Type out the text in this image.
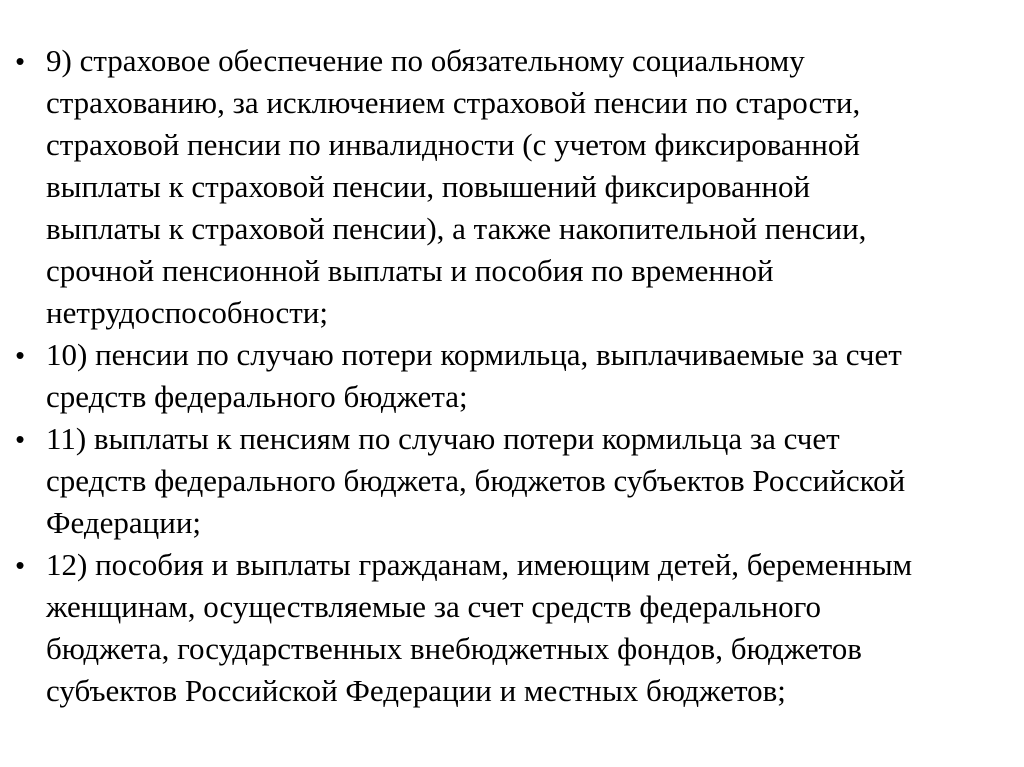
• 9) страховое обеспечение по обязательному социальному
страхованию, за исключением страховой пенсии по старости,
страховой пенсии по инвалидности (с учетом фиксированной
выплаты к страховой пенсии, повышений фиксированной
выплаты к страховой пенсии), а также накопительной пенсии,
срочной пенсионной выплаты и пособия по временной
нетрудоспособности;
• 10) пенсии по случаю потери кормильца, выплачиваемые за счет
средств федерального бюджета;
• 11) выплаты к пенсиям по случаю потери кормильца за счет
средств федерального бюджета, бюджетов субъектов Российской
Федерации;
• 12) пособия и выплаты гражданам, имеющим детей, беременным
женщинам, осуществляемые за счет средств федерального
бюджета, государственных внебюджетных фондов, бюджетов
субъектов Российской Федерации и местных бюджетов;
